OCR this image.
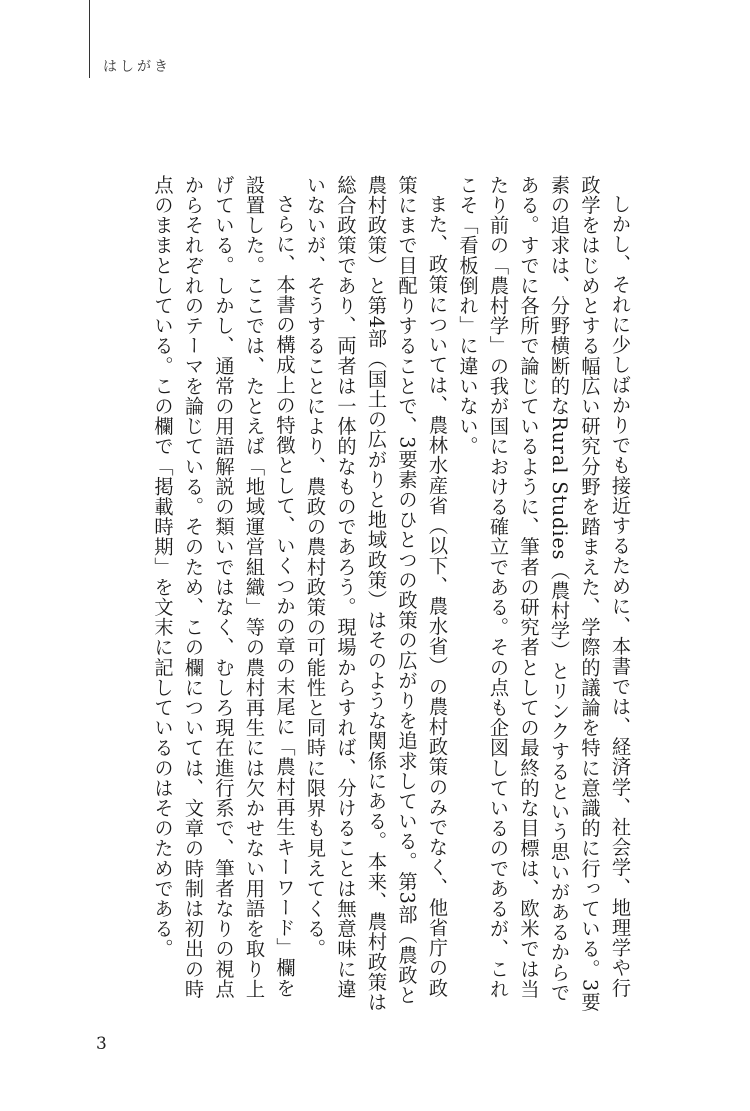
はしがき

しかし、それに少しばかりでも接近するために、本書では、経済学、社会学、地理学や行政学をはじめとする幅広い研究分野を踏まえた、学際的議論を特に意識的に行っている。3要素の追求は、分野横断的なRural Studies（農村学）とリンクするという思いがあるからである。すでに各所で論じているように、筆者の研究者としての最終的な目標は、欧米では当たり前の「農村学」の我が国における確立である。その点も企図しているのであるが、これこそ「看板倒れ」に違いない。

また、政策については、農林水産省（以下、農水省）の農村政策のみでなく、他省庁の政策にまで目配りすることで、3要素のひとつの政策の広がりを追求している。第3部（農政と農村政策）と第4部（国土の広がりと地域政策）はそのような関係にある。本来、農村政策は総合政策であり、両者は一体的なものであろう。現場からすれば、分けることは無意味に違いないが、そうすることにより、農政の農村政策の可能性と同時に限界も見えてくる。

さらに、本書の構成上の特徴として、いくつかの章の末尾に「農村再生キーワード」欄を設置した。ここでは、たとえば「地域運営組織」等の農村再生には欠かせない用語を取り上げている。しかし、通常の用語解説の類いではなく、むしろ現在進行系で、筆者なりの視点からそれぞれのテーマを論じている。そのため、この欄については、文章の時制は初出の時点のままとしている。この欄で「掲載時期」を文末に記しているのはそのためである。

3
